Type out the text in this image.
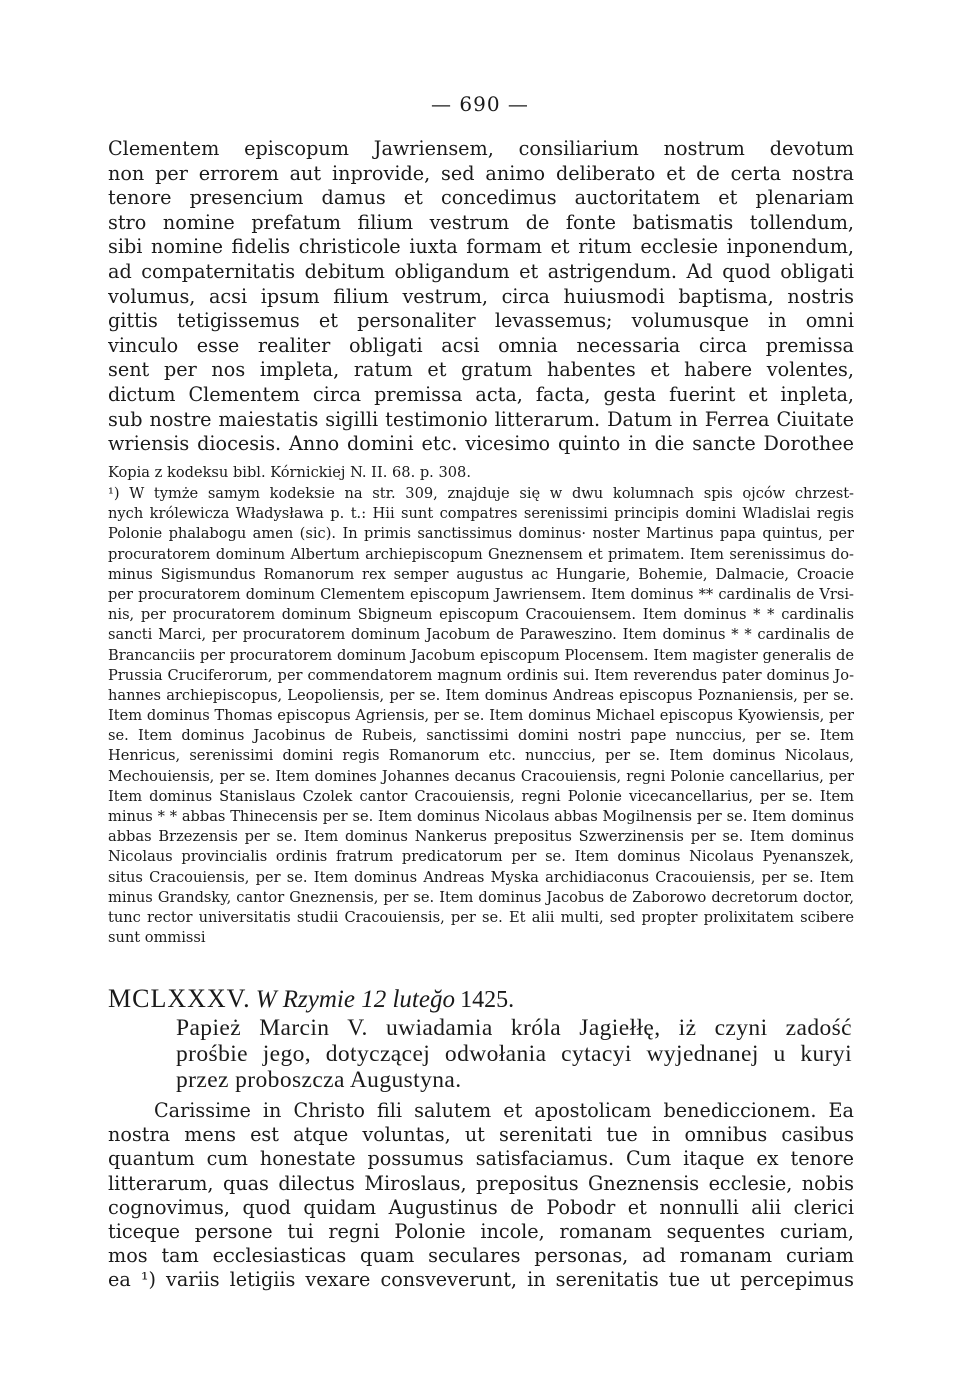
— 690 —
Clementem episcopum Jawriensem, consiliarium nostrum devotum
non per errorem aut inprovide, sed animo deliberato et de certa nostra
tenore presencium damus et concedimus auctoritatem et plenariam
stro nomine prefatum filium vestrum de fonte batismatis tollendum,
sibi nomine fidelis christicole iuxta formam et ritum ecclesie inponendum,
ad compaternitatis debitum obligandum et astrigendum. Ad quod obligati
volumus, acsi ipsum filium vestrum, circa huiusmodi baptisma, nostris
gittis tetigissemus et personaliter levassemus; volumusque in omni
vinculo esse realiter obligati acsi omnia necessaria circa premissa
sent per nos impleta, ratum et gratum habentes et habere volentes,
dictum Clementem circa premissa acta, facta, gesta fuerint et inpleta,
sub nostre maiestatis sigilli testimonio litterarum. Datum in Ferrea Ciuitate
wriensis diocesis. Anno domini etc. vicesimo quinto in die sancte Dorothee
Kopia z kodeksu bibl. Kórnickiej N. II. 68. p. 308.
¹) W tymże samym kodeksie na str. 309, znajduje się w dwu kolumnach spis ojców chrzest-
nych królewicza Władysława p. t.: Hii sunt compatres serenissimi principis domini Wladislai regis
Polonie phalabogu amen (sic). In primis sanctissimus dominus· noster Martinus papa quintus, per
procuratorem dominum Albertum archiepiscopum Gneznensem et primatem. Item serenissimus do-
minus Sigismundus Romanorum rex semper augustus ac Hungarie, Bohemie, Dalmacie, Croacie
per procuratorem dominum Clementem episcopum Jawriensem. Item dominus ** cardinalis de Vrsi-
nis, per procuratorem dominum Sbigneum episcopum Cracouiensem. Item dominus * * cardinalis
sancti Marci, per procuratorem dominum Jacobum de Paraweszino. Item dominus * * cardinalis de
Brancanciis per procuratorem dominum Jacobum episcopum Plocensem. Item magister generalis de
Prussia Cruciferorum, per commendatorem magnum ordinis sui. Item reverendus pater dominus Jo-
hannes archiepiscopus, Leopoliensis, per se. Item dominus Andreas episcopus Poznaniensis, per se.
Item dominus Thomas episcopus Agriensis, per se. Item dominus Michael episcopus Kyowiensis, per
se. Item dominus Jacobinus de Rubeis, sanctissimi domini nostri pape nunccius, per se. Item
Henricus, serenissimi domini regis Romanorum etc. nunccius, per se. Item dominus Nicolaus,
Mechouiensis, per se. Item domines Johannes decanus Cracouiensis, regni Polonie cancellarius, per
Item dominus Stanislaus Czolek cantor Cracouiensis, regni Polonie vicecancellarius, per se. Item
minus * * abbas Thinecensis per se. Item dominus Nicolaus abbas Mogilnensis per se. Item dominus
abbas Brzezensis per se. Item dominus Nankerus prepositus Szwerzinensis per se. Item dominus
Nicolaus provincialis ordinis fratrum predicatorum per se. Item dominus Nicolaus Pyenanszek,
situs Cracouiensis, per se. Item dominus Andreas Myska archidiaconus Cracouiensis, per se. Item
minus Grandsky, cantor Gneznensis, per se. Item dominus Jacobus de Zaborowo decretorum doctor,
tunc rector universitatis studii Cracouiensis, per se. Et alii multi, sed propter prolixitatem scibere
sunt ommissi
MCLXXXV. W Rzymie 12 luteğo 1425.
Papież Marcin V. uwiadamia króla Jagiełłę, iż czyni zadość
prośbie jego, dotyczącej odwołania cytacyi wyjednanej u kuryi
przez proboszcza Augustyna.
Carissime in Christo fili salutem et apostolicam benediccionem. Ea
nostra mens est atque voluntas, ut serenitati tue in omnibus casibus
quantum cum honestate possumus satisfaciamus. Cum itaque ex tenore
litterarum, quas dilectus Miroslaus, prepositus Gneznensis ecclesie, nobis
cognovimus, quod quidam Augustinus de Pobodr et nonnulli alii clerici
ticeque persone tui regni Polonie incole, romanam sequentes curiam,
mos tam ecclesiasticas quam seculares personas, ad romanam curiam
ea ¹) variis letigiis vexare consveverunt, in serenitatis tue ut percepimus
